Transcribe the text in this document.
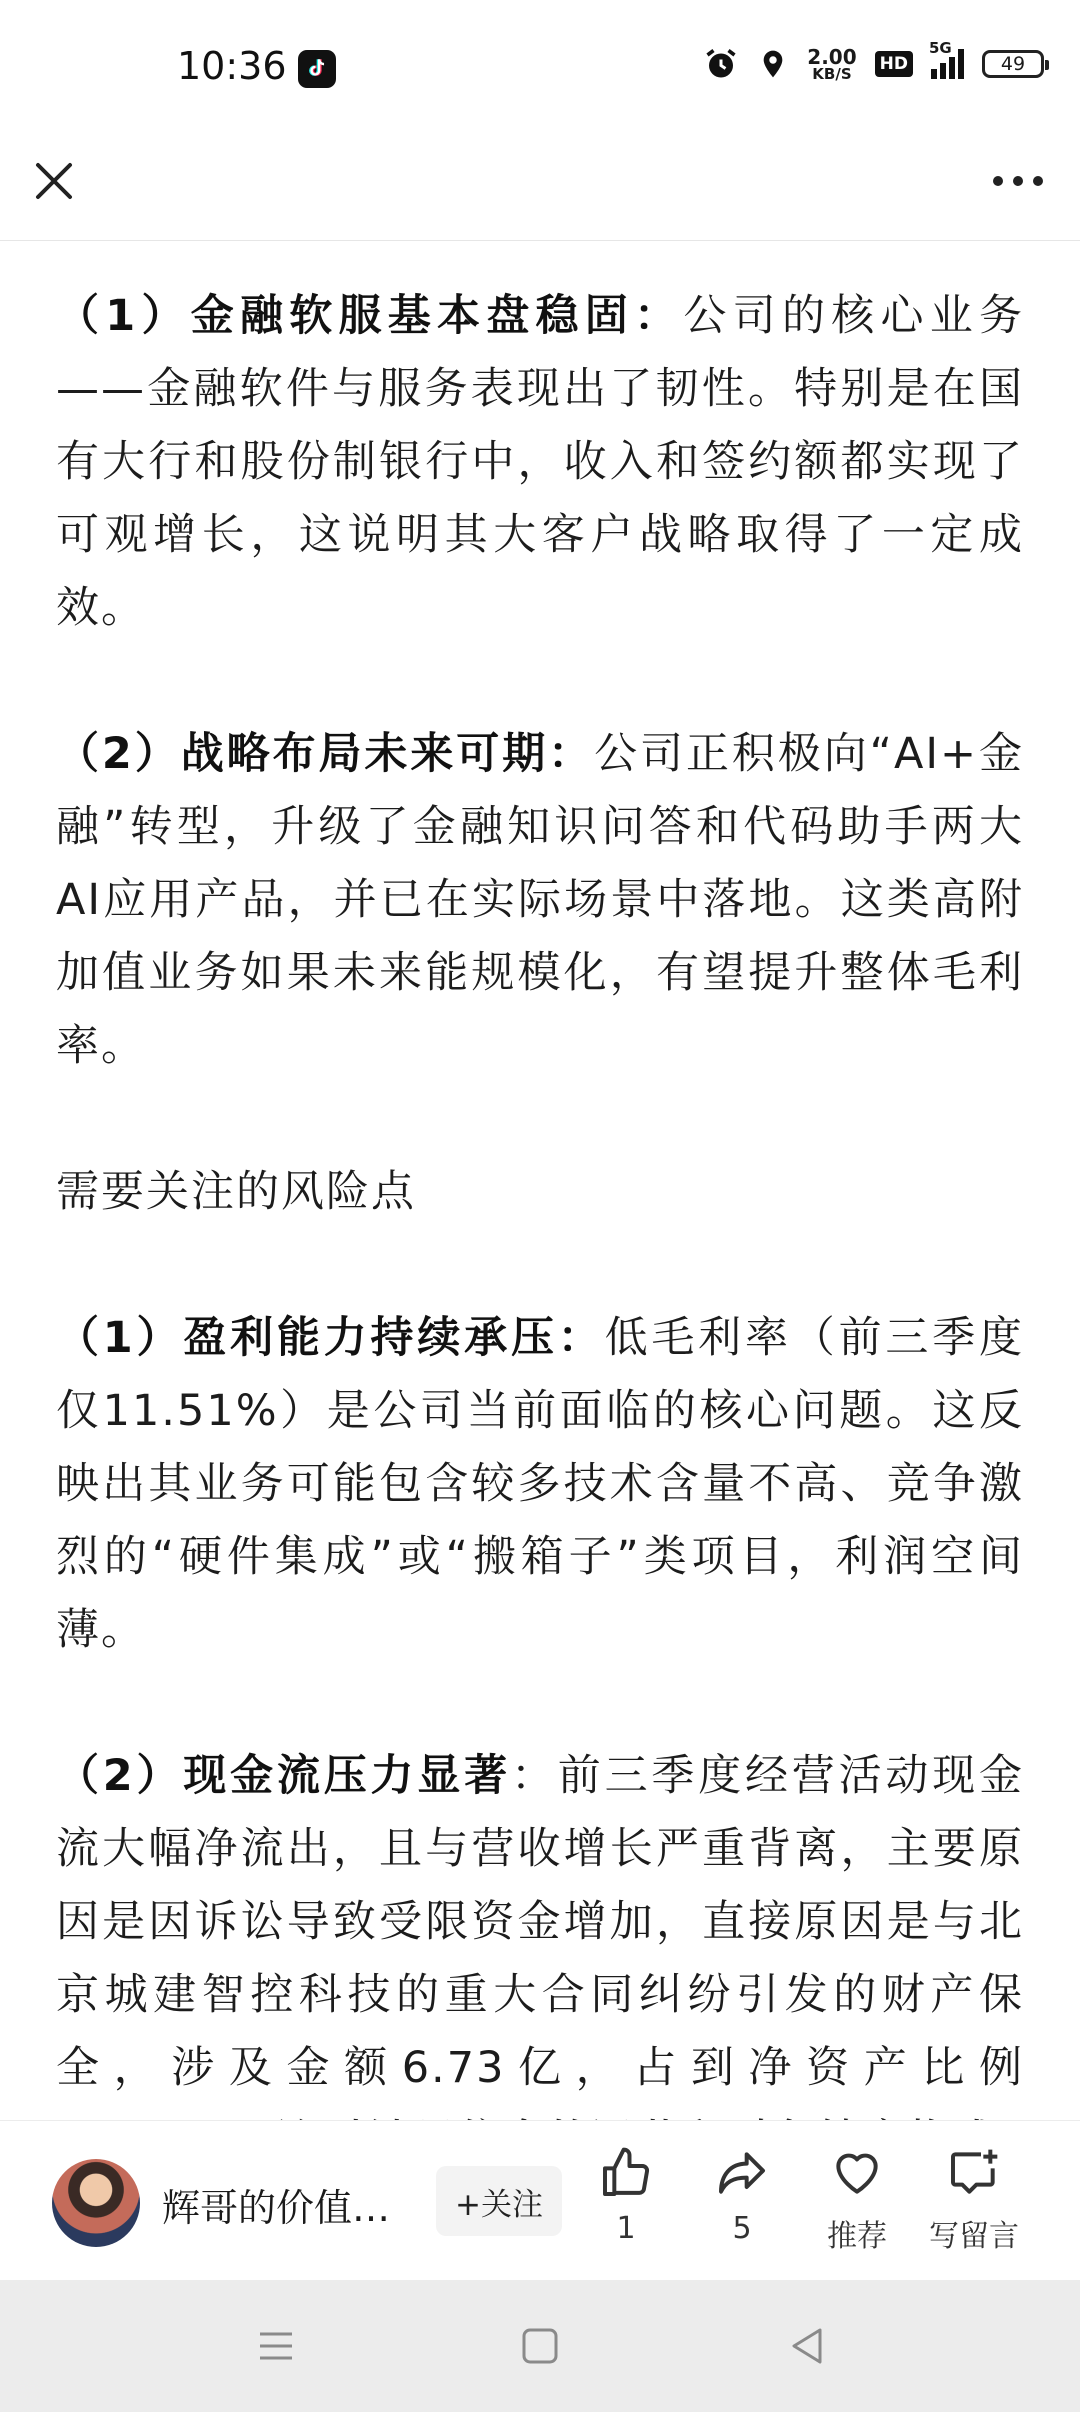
10:36	2.00
KB/S HD
5G
49

（1）金融软服基本盘稳固：公司的核心业务——金融软件与服务表现出了韧性。特别是在国有大行和股份制银行中，收入和签约额都实现了可观增长，这说明其大客户战略取得了一定成效。

（2）战略布局未来可期：公司正积极向“AI+金融”转型，升级了金融知识问答和代码助手两大AI应用产品，并已在实际场景中落地。这类高附加值业务如果未来能规模化，有望提升整体毛利率。

需要关注的风险点

（1）盈利能力持续承压：低毛利率（前三季度仅11.51%）是公司当前面临的核心问题。这反映出其业务可能包含较多技术含量不高、竞争激烈的“硬件集成”或“搬箱子”类项目，利润空间薄。

（2）现金流压力显著：前三季度经营活动现金流大幅净流出，且与营收增长严重背离，主要原因是因诉讼导致受限资金增加，直接原因是与北京城建智控科技的重大合同纠纷引发的财产保全，涉及金额6.73亿，占到净资产比例

辉哥的价值…	+关注
1	5	推荐 写留言
